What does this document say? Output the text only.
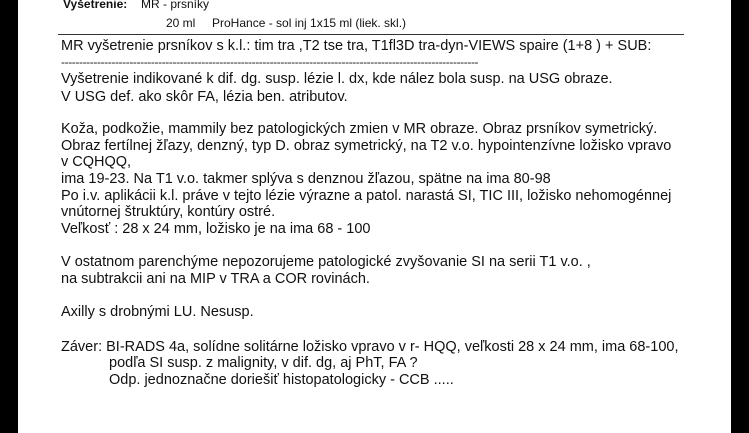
Vyšetrenie: MR - prsníky
20 ml ProHance - sol inj 1x15 ml (liek. skl.)
MR vyšetrenie prsníkov s k.l.: tim tra ,T2 tse tra, T1fl3D tra-dyn-VIEWS spaire (1+8 ) + SUB:
--------------------------------------------------------------------------------------------------------------------
Vyšetrenie indikované k dif. dg. susp. lézie l. dx, kde nález bola susp. na USG obraze.
V USG def. ako skôr FA, lézia ben. atributov.
Koža, podkožie, mammily bez patologických zmien v MR obraze. Obraz prsníkov symetrický.
Obraz fertílnej žľazy, denzný, typ D. obraz symetrický, na T2 v.o. hypointenzívne ložisko vpravo
v CQHQQ,
ima 19-23. Na T1 v.o. takmer splýva s denznou žľazou, spätne na ima 80-98
Po i.v. aplikácii k.l. práve v tejto lézie výrazne a patol. narastá SI, TIC III, ložisko nehomogénnej
vnútornej štruktúry, kontúry ostré.
Veľkosť : 28 x 24 mm, ložisko je na ima 68 - 100
V ostatnom parenchýme nepozorujeme patologické zvyšovanie SI na serii T1 v.o. ,
na subtrakcii ani na MIP v TRA a COR rovinách.
Axilly s drobnými LU. Nesusp.
Záver: BI-RADS 4a, solídne solitárne ložisko vpravo v r- HQQ, veľkosti 28 x 24 mm, ima 68-100,
podľa SI susp. z malignity, v dif. dg, aj PhT, FA ?
Odp. jednoznačne doriešiť histopatologicky - CCB .....
